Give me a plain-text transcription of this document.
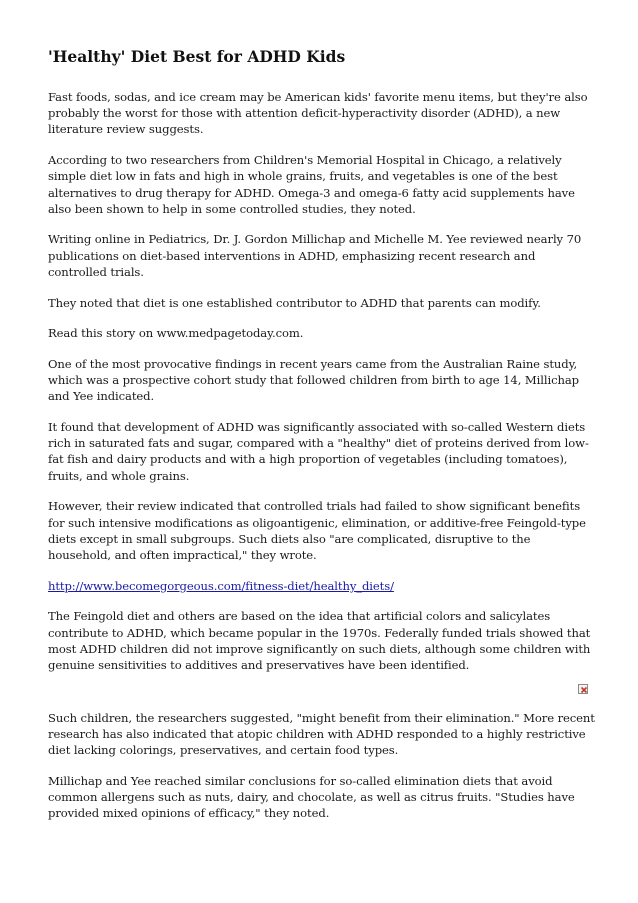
'Healthy' Diet Best for ADHD Kids

Fast foods, sodas, and ice cream may be American kids' favorite menu items, but they're also probably the worst for those with attention deficit-hyperactivity disorder (ADHD), a new literature review suggests.

According to two researchers from Children's Memorial Hospital in Chicago, a relatively simple diet low in fats and high in whole grains, fruits, and vegetables is one of the best alternatives to drug therapy for ADHD. Omega-3 and omega-6 fatty acid supplements have also been shown to help in some controlled studies, they noted.

Writing online in Pediatrics, Dr. J. Gordon Millichap and Michelle M. Yee reviewed nearly 70 publications on diet-based interventions in ADHD, emphasizing recent research and controlled trials.

They noted that diet is one established contributor to ADHD that parents can modify.

Read this story on www.medpagetoday.com.

One of the most provocative findings in recent years came from the Australian Raine study, which was a prospective cohort study that followed children from birth to age 14, Millichap and Yee indicated.

It found that development of ADHD was significantly associated with so-called Western diets rich in saturated fats and sugar, compared with a "healthy" diet of proteins derived from low-fat fish and dairy products and with a high proportion of vegetables (including tomatoes), fruits, and whole grains.

However, their review indicated that controlled trials had failed to show significant benefits for such intensive modifications as oligoantigenic, elimination, or additive-free Feingold-type diets except in small subgroups. Such diets also "are complicated, disruptive to the household, and often impractical," they wrote.

http://www.becomegorgeous.com/fitness-diet/healthy_diets/

The Feingold diet and others are based on the idea that artificial colors and salicylates contribute to ADHD, which became popular in the 1970s. Federally funded trials showed that most ADHD children did not improve significantly on such diets, although some children with genuine sensitivities to additives and preservatives have been identified.

Such children, the researchers suggested, "might benefit from their elimination." More recent research has also indicated that atopic children with ADHD responded to a highly restrictive diet lacking colorings, preservatives, and certain food types.

Millichap and Yee reached similar conclusions for so-called elimination diets that avoid common allergens such as nuts, dairy, and chocolate, as well as citrus fruits. "Studies have provided mixed opinions of efficacy," they noted.
